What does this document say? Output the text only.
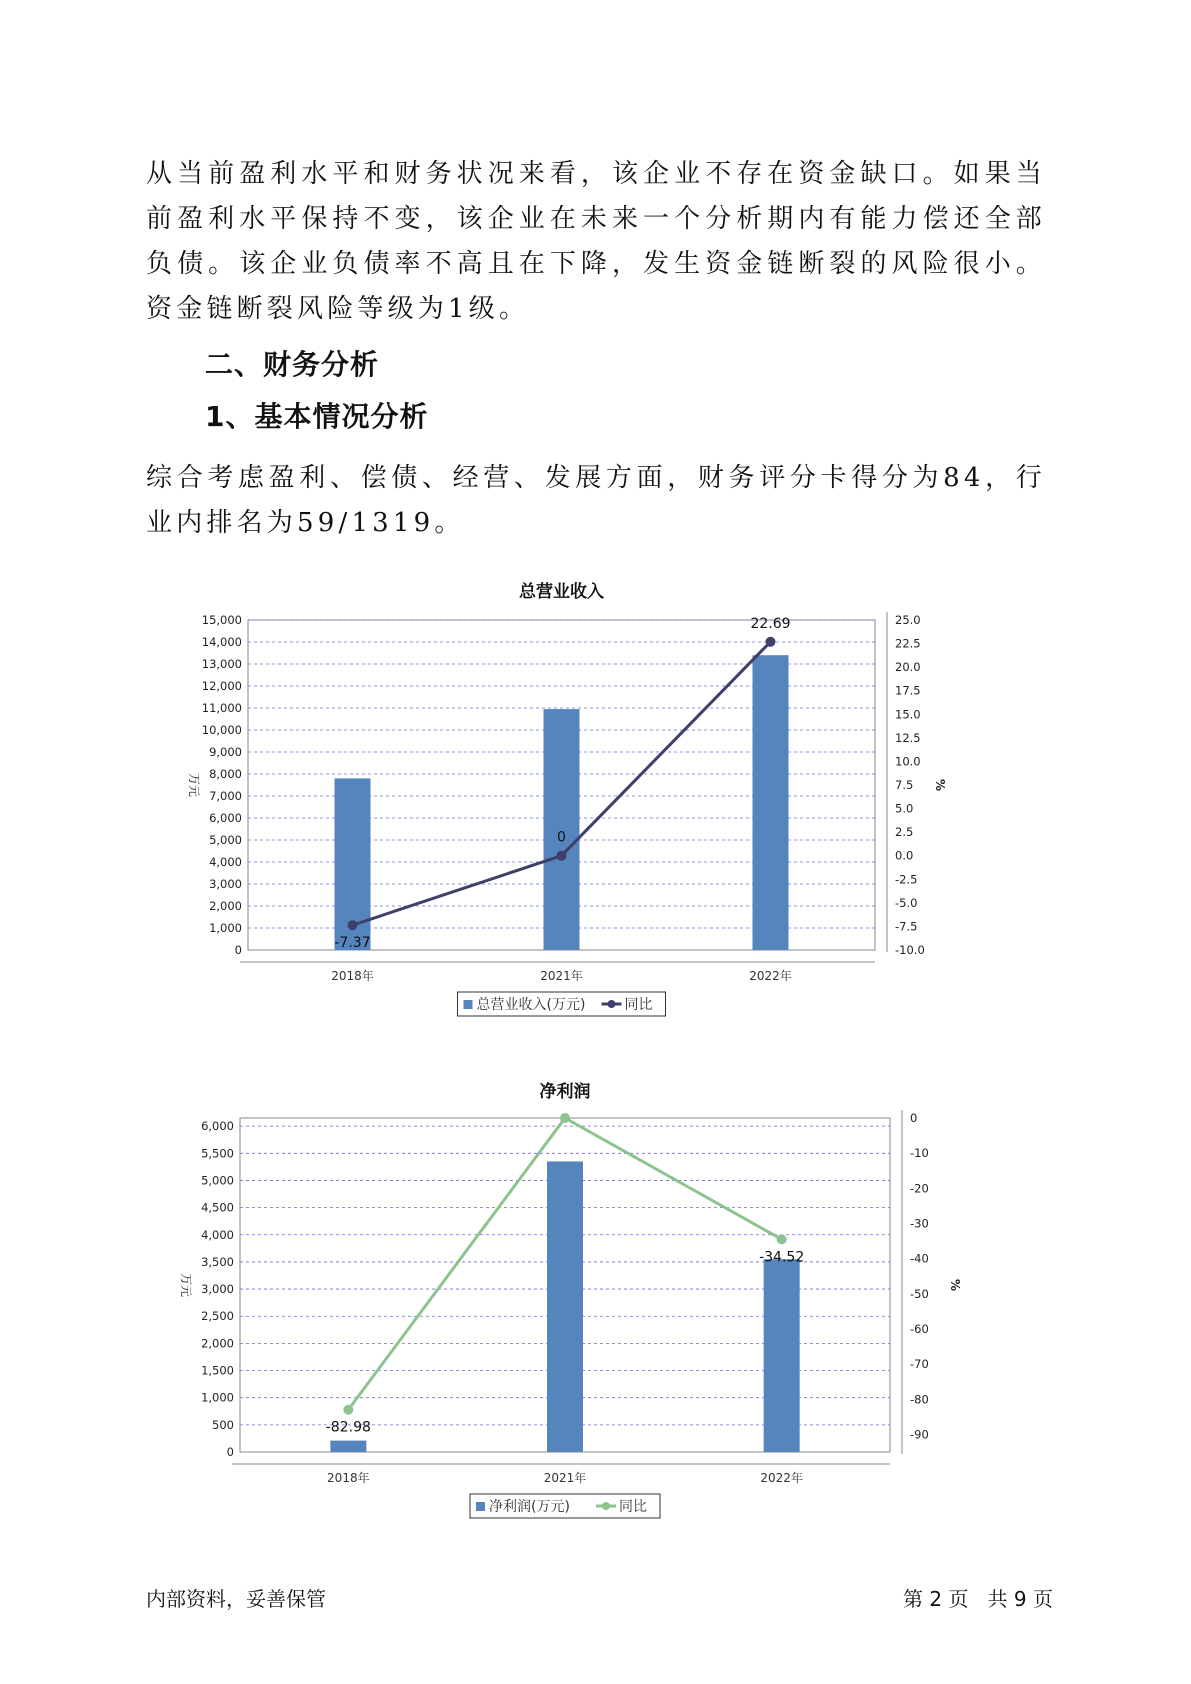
从当前盈利水平和财务状况来看，该企业不存在资金缺口。如果当前盈利水平保持不变，该企业在未来一个分析期内有能力偿还全部负债。该企业负债率不高且在下降，发生资金链断裂的风险很小。资金链断裂风险等级为1级。
二、财务分析
1、基本情况分析
综合考虑盈利、偿债、经营、发展方面，财务评分卡得分为84，行业内排名为59/1319。
总营业收入
0
1,000
2,000
3,000
4,000
5,000
6,000
7,000
8,000
9,000
10,000
11,000
12,000
13,000
14,000
15,000
-10.0
-7.5
-5.0
-2.5
0.0
2.5
5.0
7.5
10.0
12.5
15.0
17.5
20.0
22.5
25.0
万元	%
2018年	2021年	2022年
-7.37
0
22.69
总营业收入(万元)	同比
净利润
0
500
1,000
1,500
2,000
2,500
3,000
3,500
4,000
4,500
5,000
5,500
6,000
-90
-80
-70
-60
-50
-40
-30
-20
-10
0
万元	%
2018年	2021年	2022年
-82.98
-34.52
净利润(万元)	同比
内部资料，妥善保管	第 2 页   共 9 页
